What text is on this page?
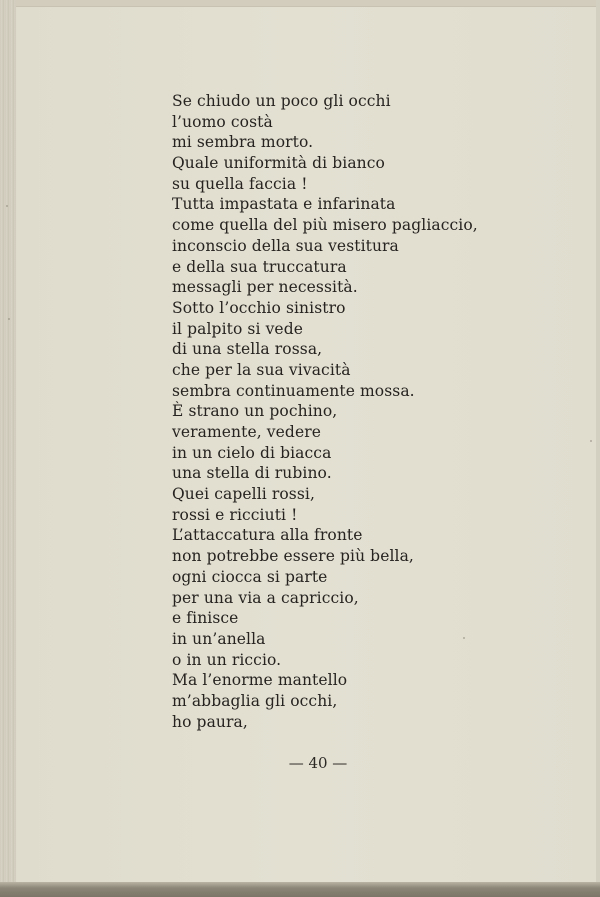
Se chiudo un poco gli occhi
l’uomo costà
mi sembra morto.
Quale uniformità di bianco
su quella faccia !
Tutta impastata e infarinata
come quella del più misero pagliaccio,
inconscio della sua vestitura
e della sua truccatura
messagli per necessità.
Sotto l’occhio sinistro
il palpito si vede
di una stella rossa,
che per la sua vivacità
sembra continuamente mossa.
È strano un pochino,
veramente, vedere
in un cielo di biacca
una stella di rubino.
Quei capelli rossi,
rossi e ricciuti !
L’attaccatura alla fronte
non potrebbe essere più bella,
ogni ciocca si parte
per una via a capriccio,
e finisce
in un’anella
o in un riccio.
Ma l’enorme mantello
m’abbaglia gli occhi,
ho paura,

— 40 —
